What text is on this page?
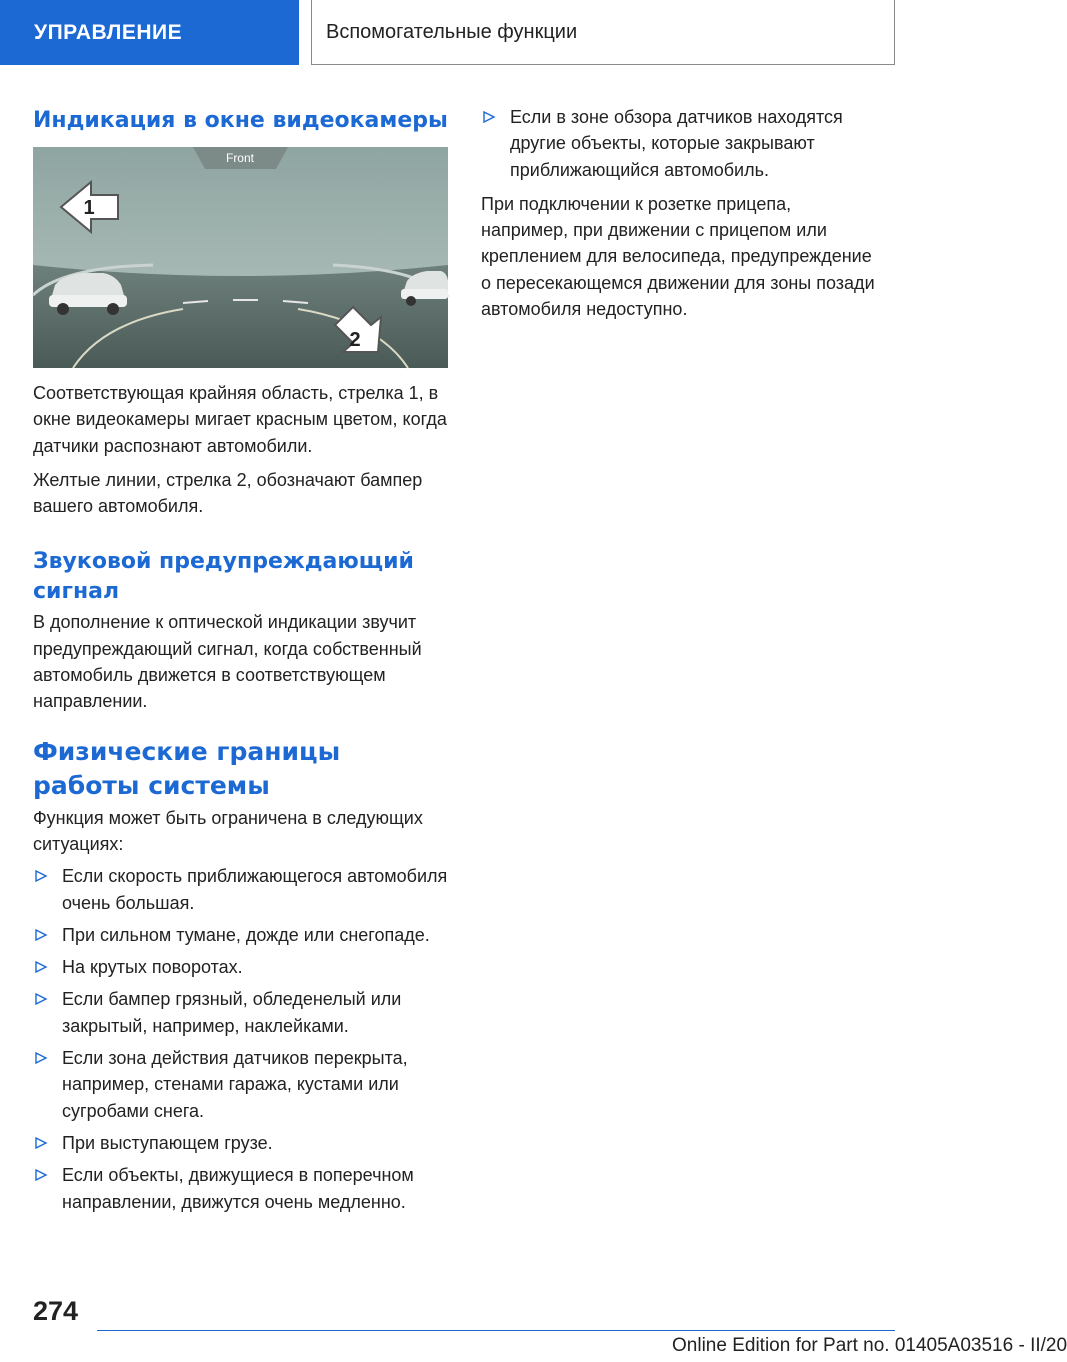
УПРАВЛЕНИЕ	Вспомогательные функции
Индикация в окне видеокамеры
Front
1
2

Соответствующая крайняя область, стрелка 1, в окне видеокамеры мигает красным цветом, когда датчики распознают автомобили.

Желтые линии, стрелка 2, обозначают бампер вашего автомобиля.

Звуковой предупреждающий сигнал

В дополнение к оптической индикации звучит предупреждающий сигнал, когда собственный автомобиль движется в соответствующем направлении.

Физические границы работы системы

Функция может быть ограничена в следующих ситуациях:

Если скорость приближающегося автомобиля очень большая.
При сильном тумане, дожде или снегопаде.
На крутых поворотах.
Если бампер грязный, обледенелый или закрытый, например, наклейками.
Если зона действия датчиков перекрыта, например, стенами гаража, кустами или сугробами снега.
При выступающем грузе.
Если объекты, движущиеся в поперечном направлении, движутся очень медленно.
Если в зоне обзора датчиков находятся другие объекты, которые закрывают приближающийся автомобиль.

При подключении к розетке прицепа, например, при движении с прицепом или креплением для велосипеда, предупреждение о пересекающемся движении для зоны позади автомобиля недоступно.

274
Online Edition for Part no. 01405A03516 - II/20
